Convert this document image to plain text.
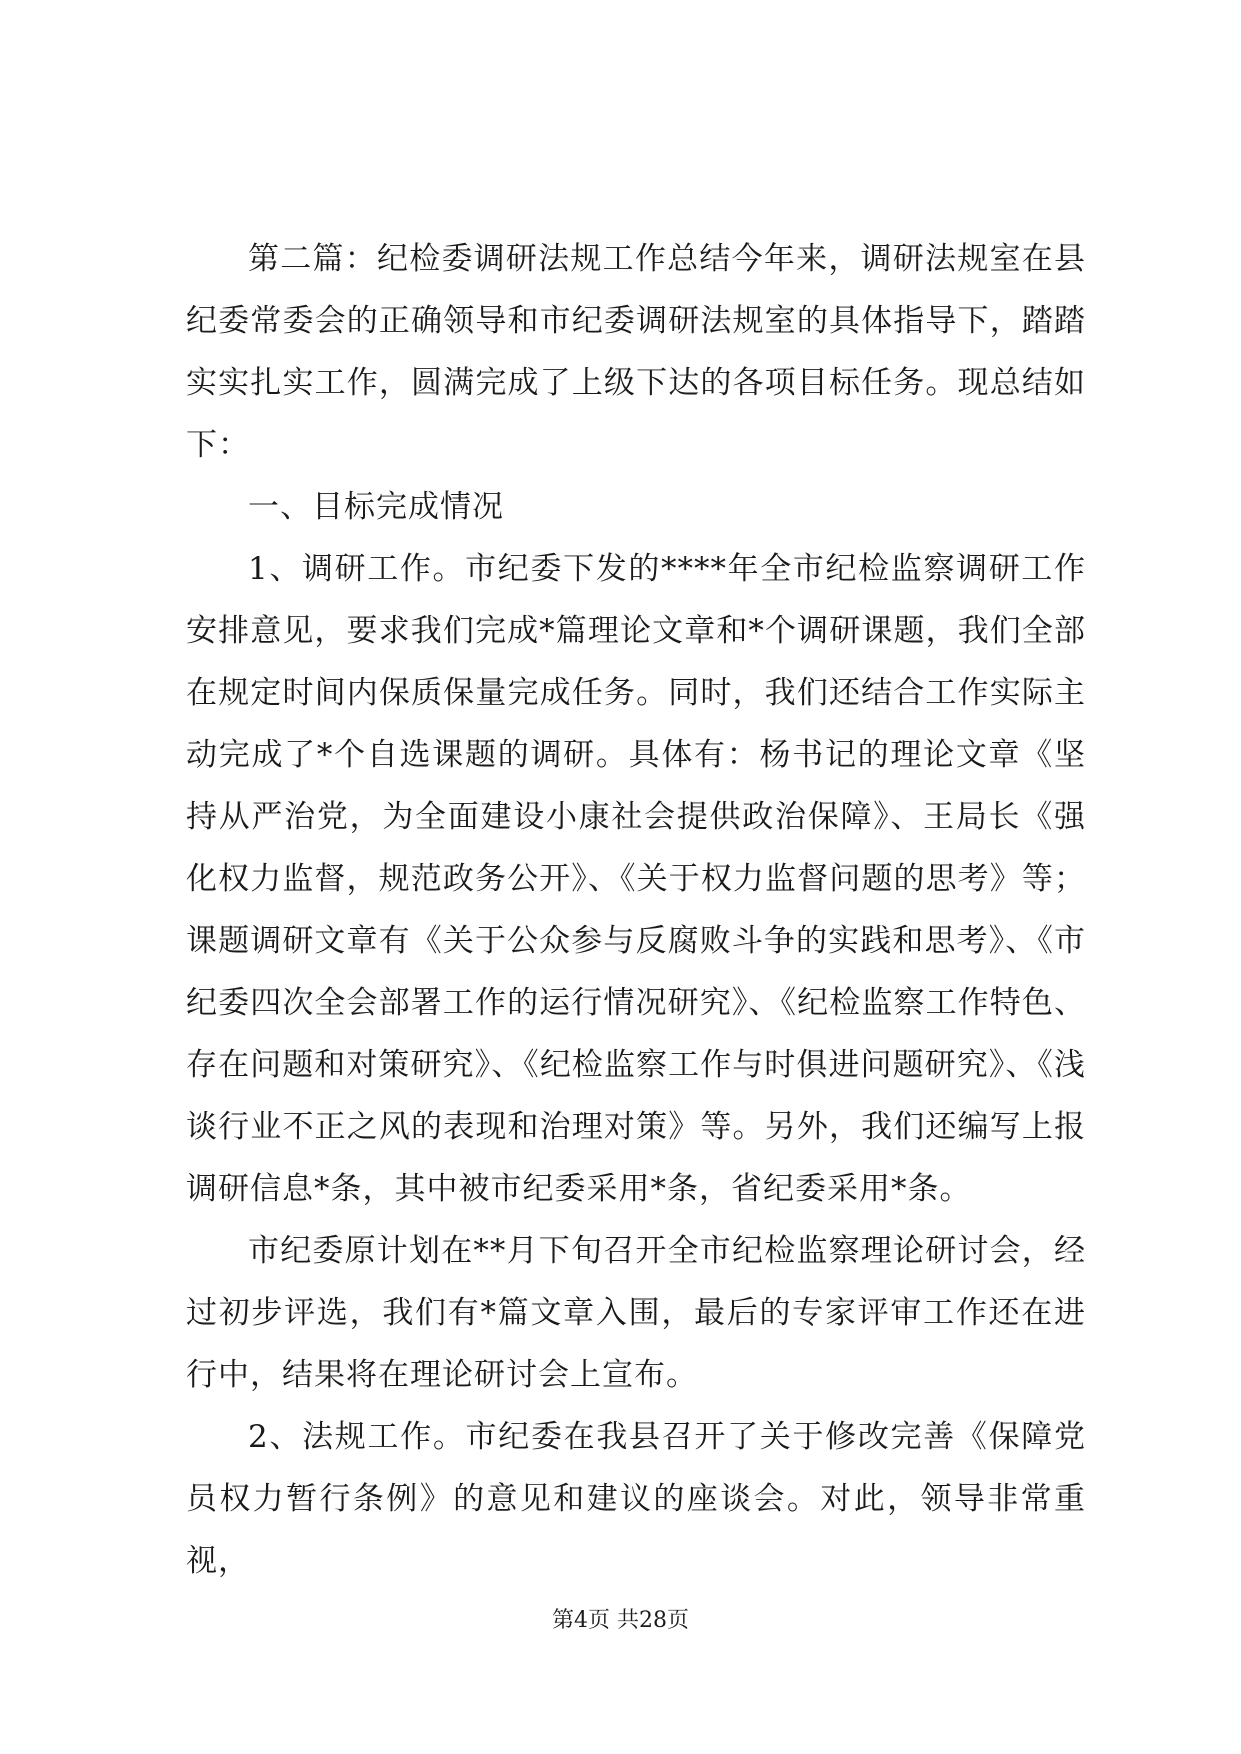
第二篇：纪检委调研法规工作总结今年来，调研法规室在县纪委常委会的正确领导和市纪委调研法规室的具体指导下，踏踏实实扎实工作，圆满完成了上级下达的各项目标任务。现总结如下：

一、目标完成情况

1、调研工作。市纪委下发的****年全市纪检监察调研工作安排意见，要求我们完成*篇理论文章和*个调研课题，我们全部在规定时间内保质保量完成任务。同时，我们还结合工作实际主动完成了*个自选课题的调研。具体有：杨书记的理论文章《坚持从严治党，为全面建设小康社会提供政治保障》、王局长《强化权力监督，规范政务公开》、《关于权力监督问题的思考》等；课题调研文章有《关于公众参与反腐败斗争的实践和思考》、《市纪委四次全会部署工作的运行情况研究》、《纪检监察工作特色、存在问题和对策研究》、《纪检监察工作与时俱进问题研究》、《浅谈行业不正之风的表现和治理对策》等。另外，我们还编写上报调研信息*条，其中被市纪委采用*条，省纪委采用*条。

市纪委原计划在**月下旬召开全市纪检监察理论研讨会，经过初步评选，我们有*篇文章入围，最后的专家评审工作还在进行中，结果将在理论研讨会上宣布。

2、法规工作。市纪委在我县召开了关于修改完善《保障党员权力暂行条例》的意见和建议的座谈会。对此，领导非常重视，

第4页 共28页
